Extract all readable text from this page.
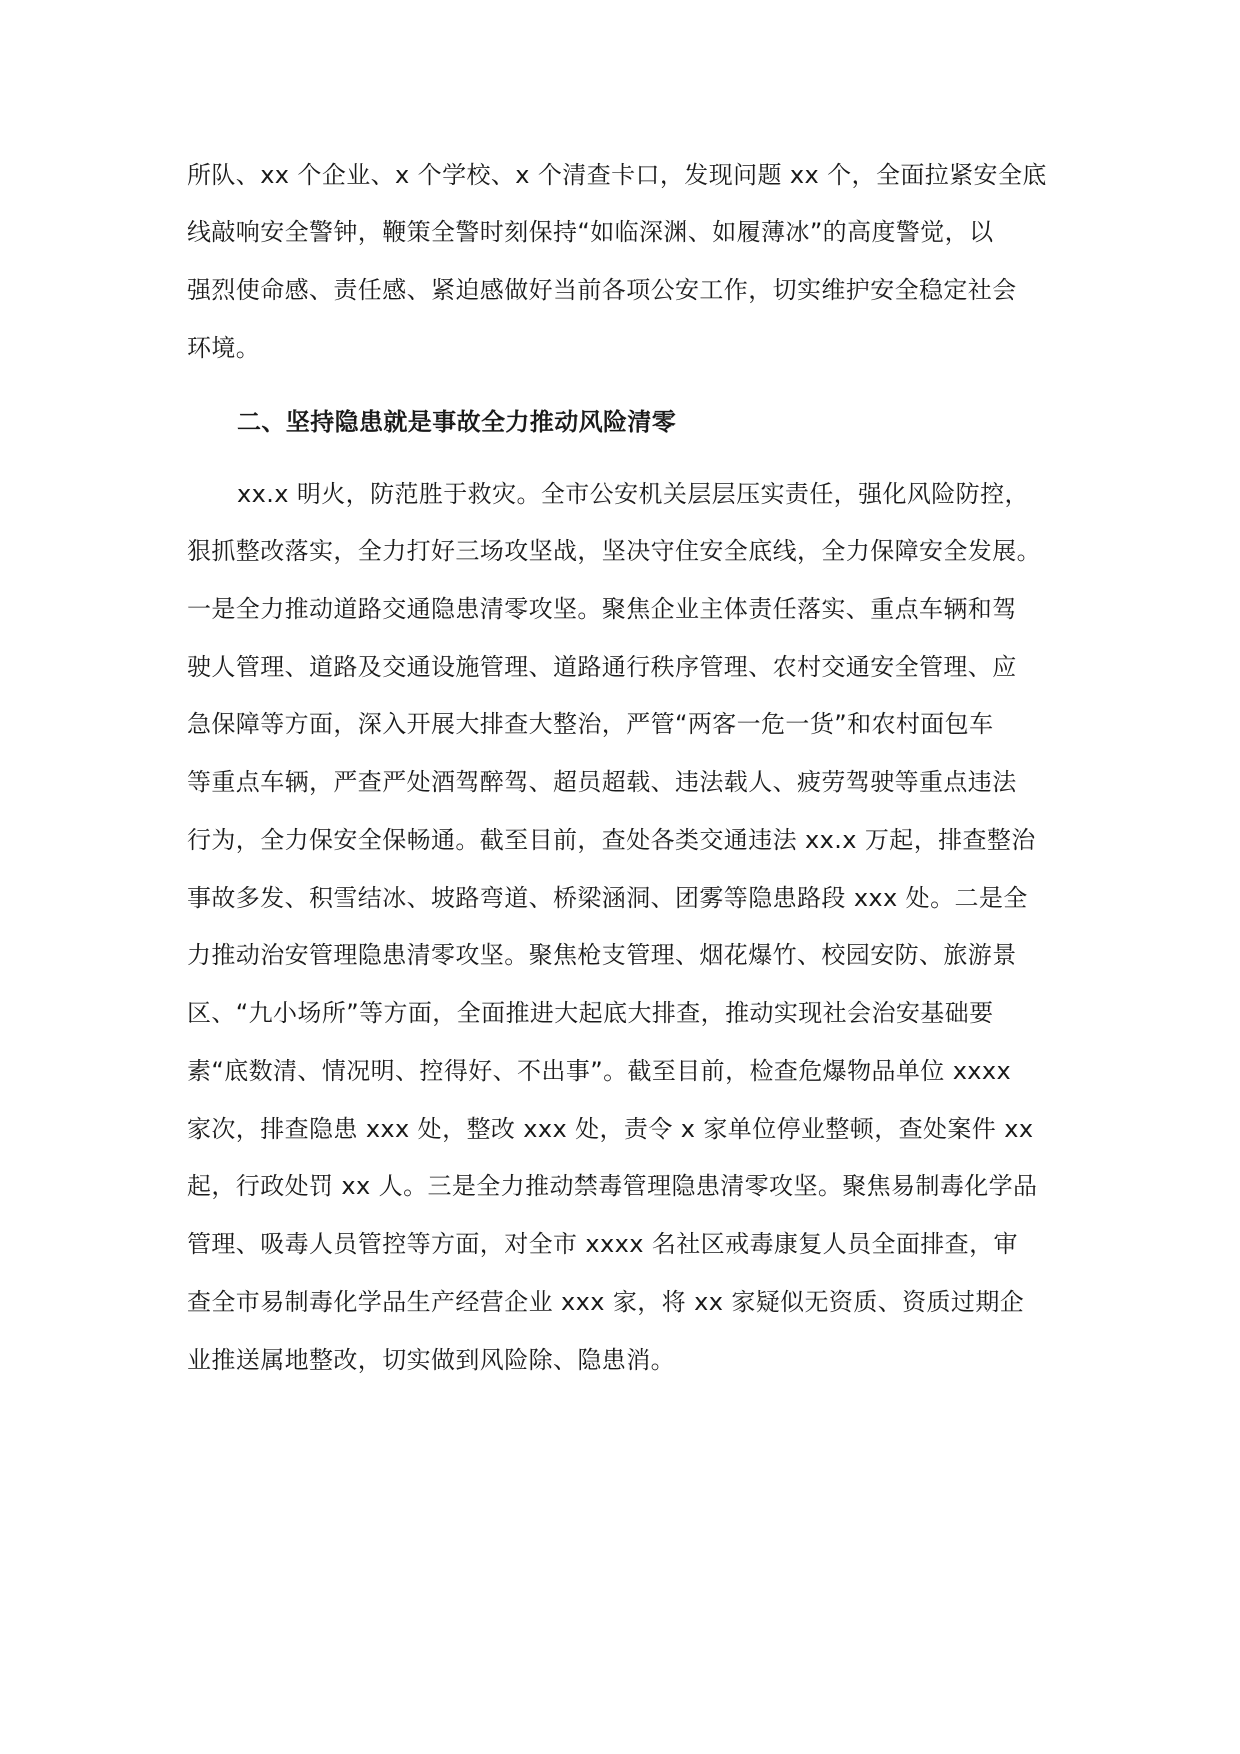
所队、xx 个企业、x 个学校、x 个清查卡口，发现问题 xx 个，全面拉紧安全底
线敲响安全警钟，鞭策全警时刻保持“如临深渊、如履薄冰”的高度警觉，以
强烈使命感、责任感、紧迫感做好当前各项公安工作，切实维护安全稳定社会
环境。
二、坚持隐患就是事故全力推动风险清零
xx.x 明火，防范胜于救灾。全市公安机关层层压实责任，强化风险防控，
狠抓整改落实，全力打好三场攻坚战，坚决守住安全底线，全力保障安全发展。
一是全力推动道路交通隐患清零攻坚。聚焦企业主体责任落实、重点车辆和驾
驶人管理、道路及交通设施管理、道路通行秩序管理、农村交通安全管理、应
急保障等方面，深入开展大排查大整治，严管“两客一危一货”和农村面包车
等重点车辆，严查严处酒驾醉驾、超员超载、违法载人、疲劳驾驶等重点违法
行为，全力保安全保畅通。截至目前，查处各类交通违法 xx.x 万起，排查整治
事故多发、积雪结冰、坡路弯道、桥梁涵洞、团雾等隐患路段 xxx 处。二是全
力推动治安管理隐患清零攻坚。聚焦枪支管理、烟花爆竹、校园安防、旅游景
区、“九小场所”等方面，全面推进大起底大排查，推动实现社会治安基础要
素“底数清、情况明、控得好、不出事”。截至目前，检查危爆物品单位 xxxx
家次，排查隐患 xxx 处，整改 xxx 处，责令 x 家单位停业整顿，查处案件 xx
起，行政处罚 xx 人。三是全力推动禁毒管理隐患清零攻坚。聚焦易制毒化学品
管理、吸毒人员管控等方面，对全市 xxxx 名社区戒毒康复人员全面排查，审
查全市易制毒化学品生产经营企业 xxx 家，将 xx 家疑似无资质、资质过期企
业推送属地整改，切实做到风险除、隐患消。
